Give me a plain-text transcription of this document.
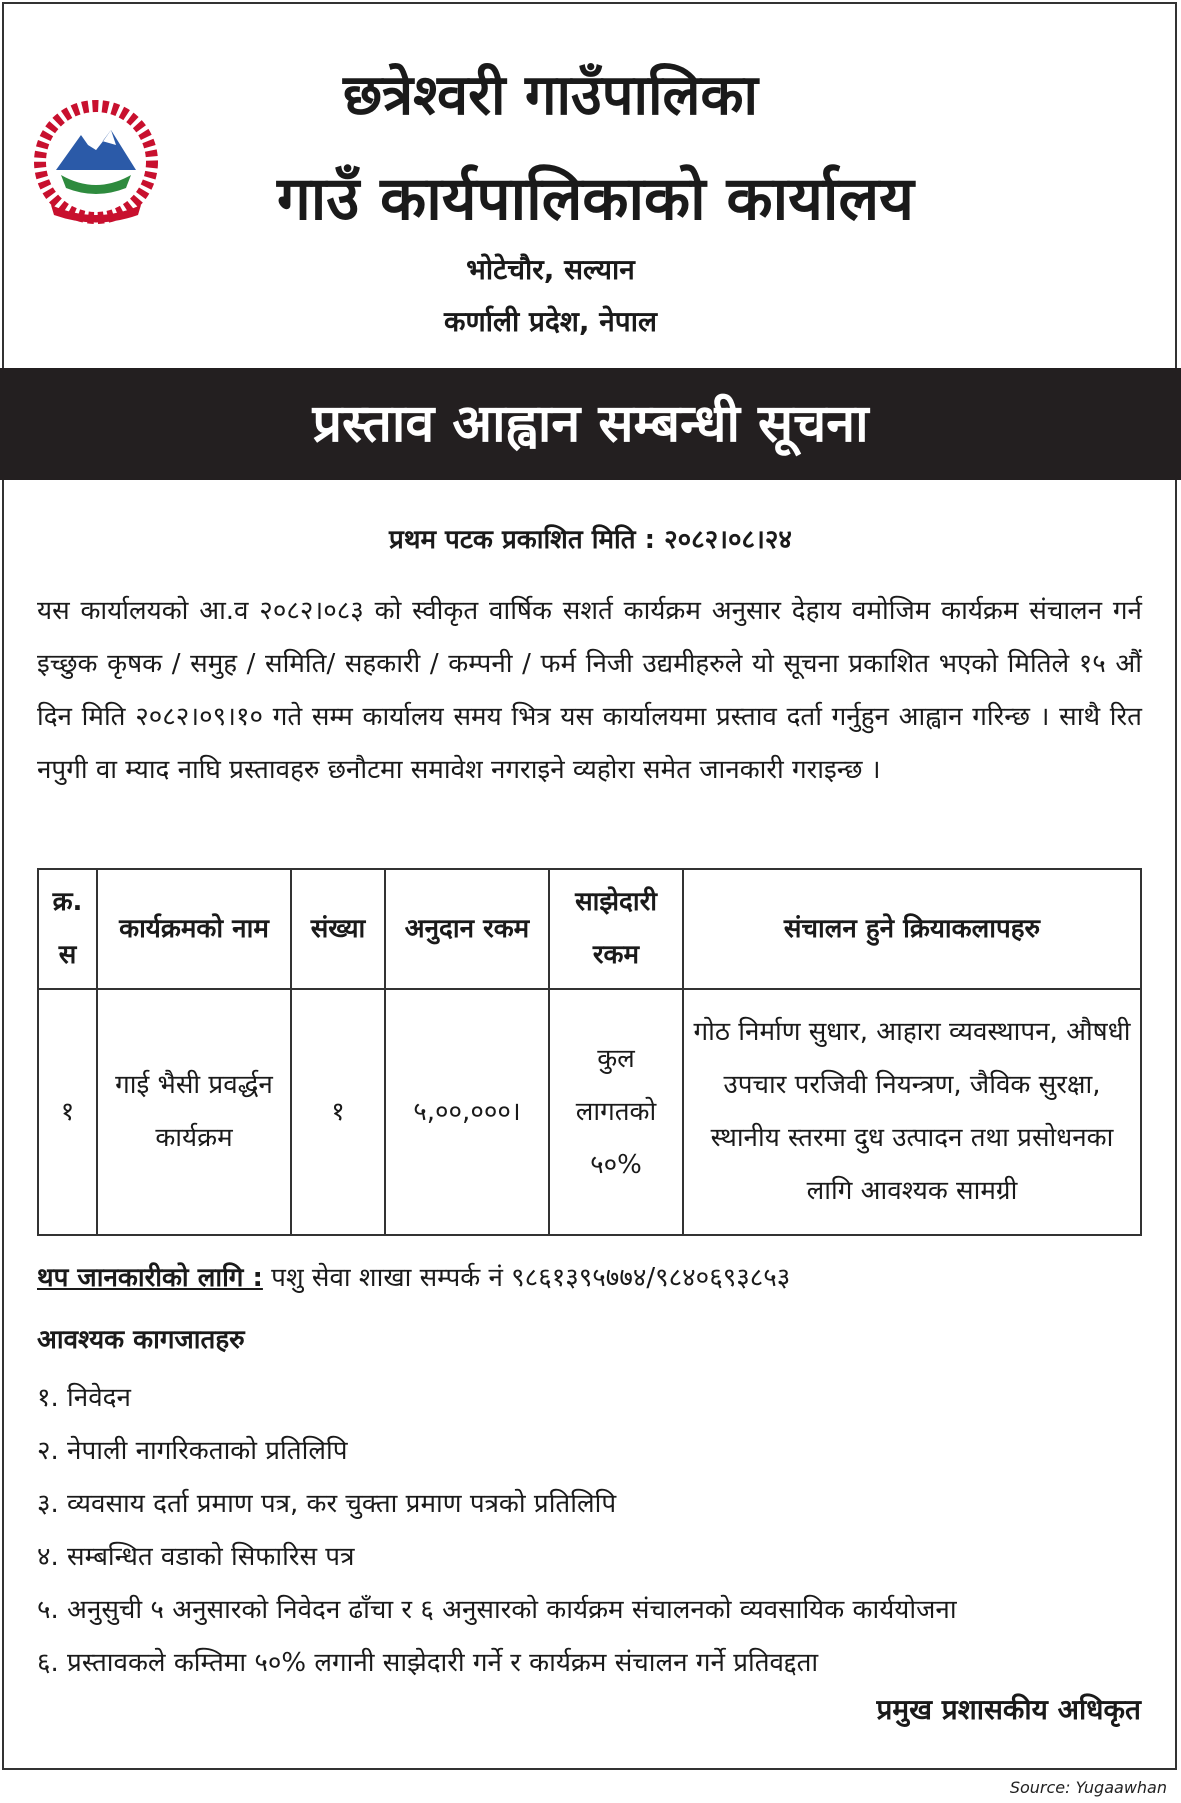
छत्रेश्वरी गाउँपालिका
गाउँ कार्यपालिकाको कार्यालय
भोटेचौर, सल्यान
कर्णाली प्रदेश, नेपाल
प्रस्ताव आह्वान सम्बन्धी सूचना
प्रथम पटक प्रकाशित मिति : २०८२।०८।२४
यस कार्यालयको आ.व २०८२।०८३ को स्वीकृत वार्षिक सशर्त कार्यक्रम अनुसार देहाय वमोजिम कार्यक्रम संचालन गर्न इच्छुक कृषक / समुह / समिति/ सहकारी / कम्पनी / फर्म निजी उद्यमीहरुले यो सूचना प्रकाशित भएको मितिले १५ औं दिन मिति २०८२।०९।१० गते सम्म कार्यालय समय भित्र यस कार्यालयमा प्रस्ताव दर्ता गर्नुहुन आह्वान गरिन्छ । साथै रित नपुगी वा म्याद नाघि प्रस्तावहरु छनौटमा समावेश नगराइने व्यहोरा समेत जानकारी गराइन्छ ।
क्र. स	कार्यक्रमको नाम	संख्या	अनुदान रकम	साझेदारी रकम	संचालन हुने क्रियाकलापहरु
१	गाई भैसी प्रवर्द्धन कार्यक्रम	१	५,००,०००।	कुल लागतको ५०%	गोठ निर्माण सुधार, आहारा व्यवस्थापन, औषधी उपचार परजिवी नियन्त्रण, जैविक सुरक्षा, स्थानीय स्तरमा दुध उत्पादन तथा प्रसोधनका लागि आवश्यक सामग्री
थप जानकारीको लागि : पशु सेवा शाखा सम्पर्क नं ९८६१३९५७७४/९८४०६९३८५३
आवश्यक कागजातहरु
१. निवेदन
२. नेपाली नागरिकताको प्रतिलिपि
३. व्यवसाय दर्ता प्रमाण पत्र, कर चुक्ता प्रमाण पत्रको प्रतिलिपि
४. सम्बन्धित वडाको सिफारिस पत्र
५. अनुसुची ५ अनुसारको निवेदन ढाँचा र ६ अनुसारको कार्यक्रम संचालनको व्यवसायिक कार्ययोजना
६. प्रस्तावकले कम्तिमा ५०% लगानी साझेदारी गर्ने र कार्यक्रम संचालन गर्ने प्रतिवद्दता
प्रमुख प्रशासकीय अधिकृत
Source: Yugaawhan
